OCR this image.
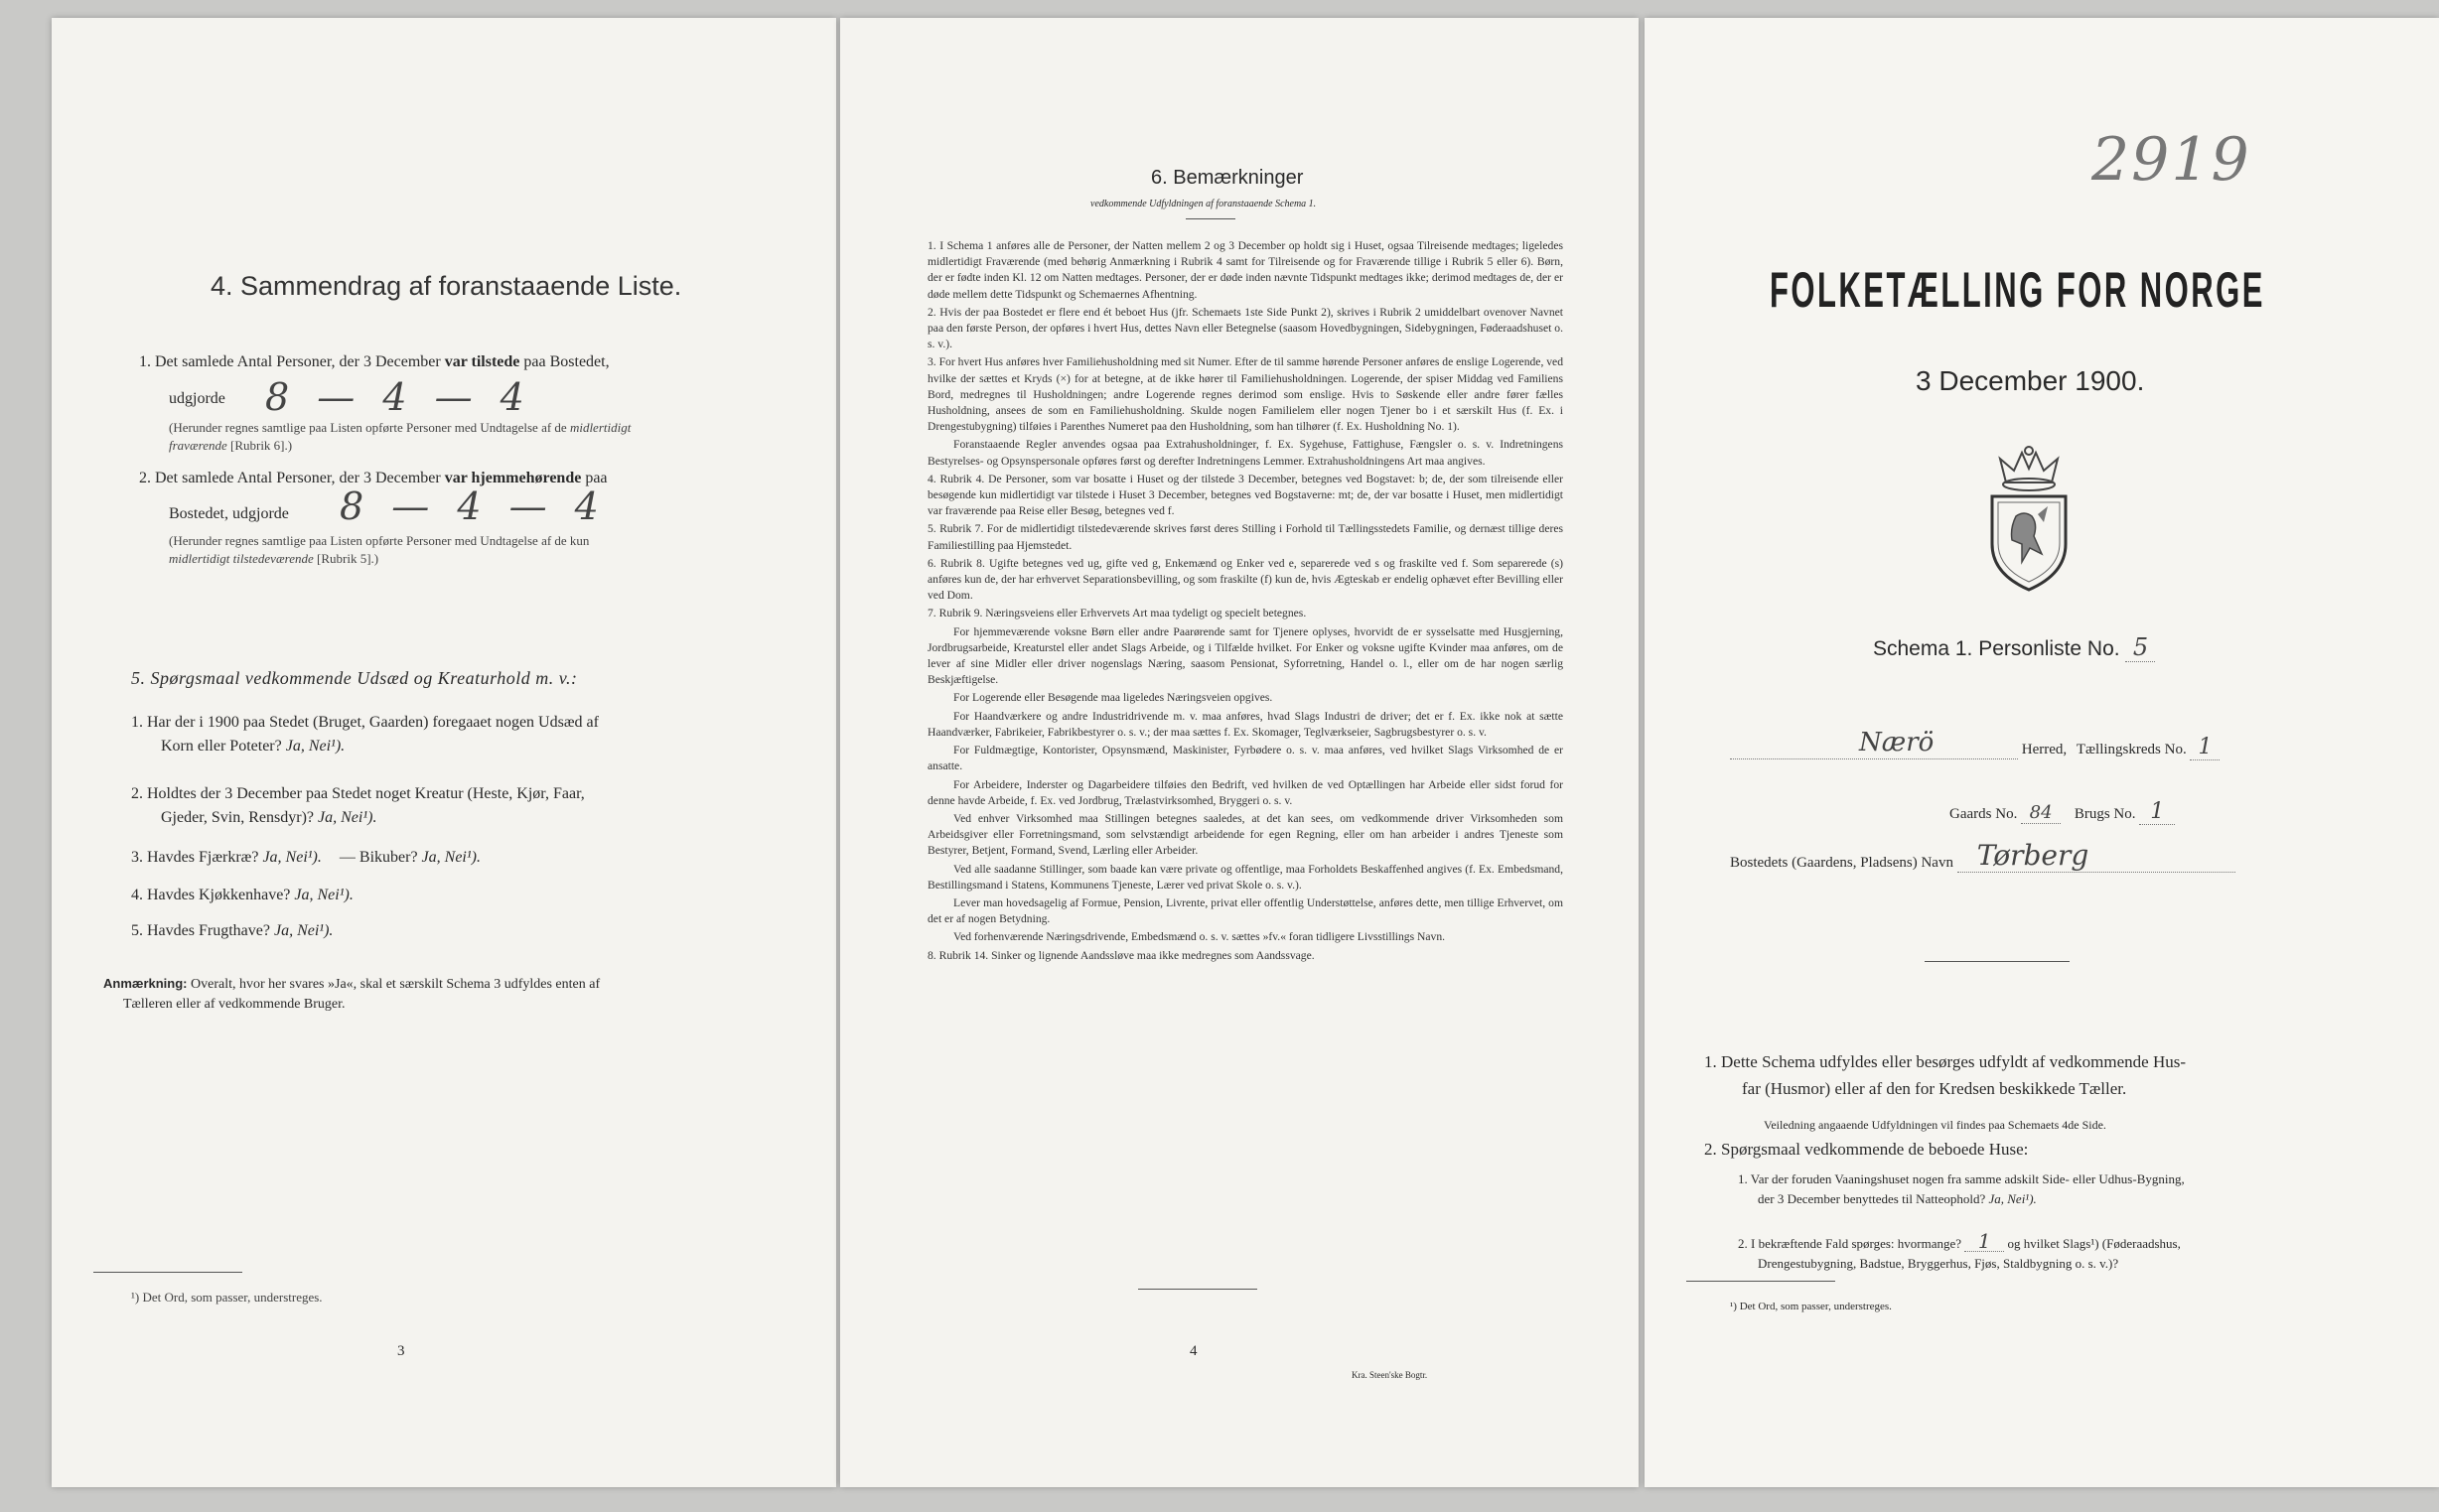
4. Sammendrag af foranstaaende Liste.
1. Det samlede Antal Personer, der 3 December var tilstede paa Bostedet,
udgjorde 8 — 4 — 4
(Herunder regnes samtlige paa Listen opførte Personer med Undtagelse af de midlertidigt
fraværende [Rubrik 6].)
2. Det samlede Antal Personer, der 3 December var hjemmehørende paa
Bostedet, udgjorde 8 — 4 — 4
(Herunder regnes samtlige paa Listen opførte Personer med Undtagelse af de kun
midlertidigt tilstedeværende [Rubrik 5].)
5. Spørgsmaal vedkommende Udsæd og Kreaturhold m. v.:
1. Har der i 1900 paa Stedet (Bruget, Gaarden) foregaaet nogen Udsæd af
Korn eller Poteter? Ja, Nei¹).
2. Holdtes der 3 December paa Stedet noget Kreatur (Heste, Kjør, Faar,
Gjeder, Svin, Rensdyr)? Ja, Nei¹).
3. Havdes Fjærkræ? Ja, Nei¹). — Bikuber? Ja, Nei¹).
4. Havdes Kjøkkenhave? Ja, Nei¹).
5. Havdes Frugthave? Ja, Nei¹).
Anmærkning: Overalt, hvor her svares »Ja«, skal et særskilt Schema 3 udfyldes enten af
Tælleren eller af vedkommende Bruger.
¹) Det Ord, som passer, understreges.
3
6. Bemærkninger
vedkommende Udfyldningen af foranstaaende Schema 1.

1. I Schema 1 anføres alle de Personer, der Natten mellem 2 og 3 December op holdt sig i Huset, ogsaa Tilreisende medtages; ligeledes midlertidigt Fraværende (med behørig Anmærkning i Rubrik 4 samt for Tilreisende og for Fraværende tillige i Rubrik 5 eller 6). Børn, der er fødte inden Kl. 12 om Natten medtages. Personer, der er døde inden nævnte Tidspunkt medtages ikke; derimod medtages de, der er døde mellem dette Tidspunkt og Schemaernes Afhentning.

2. Hvis der paa Bostedet er flere end ét beboet Hus (jfr. Schemaets 1ste Side Punkt 2), skrives i Rubrik 2 umiddelbart ovenover Navnet paa den første Person, der opføres i hvert Hus, dettes Navn eller Betegnelse (saasom Hovedbygningen, Sidebygningen, Føderaadshuset o. s. v.).

3. For hvert Hus anføres hver Familiehusholdning med sit Numer. Efter de til samme hørende Personer anføres de enslige Logerende, ved hvilke der sættes et Kryds (×) for at betegne, at de ikke hører til Familiehusholdningen. Logerende, der spiser Middag ved Familiens Bord, medregnes til Husholdningen; andre Logerende regnes derimod som enslige. Hvis to Søskende eller andre fører fælles Husholdning, ansees de som en Familiehusholdning. Skulde nogen Familielem eller nogen Tjener bo i et særskilt Hus (f. Ex. i Drengestubygning) tilføies i Parenthes Numeret paa den Husholdning, som han tilhører (f. Ex. Husholdning No. 1).

Foranstaaende Regler anvendes ogsaa paa Extrahusholdninger, f. Ex. Sygehuse, Fattighuse, Fængsler o. s. v. Indretningens Bestyrelses- og Opsynspersonale opføres først og derefter Indretningens Lemmer. Extrahusholdningens Art maa angives.

4. Rubrik 4. De Personer, som var bosatte i Huset og der tilstede 3 December, betegnes ved Bogstavet: b; de, der som tilreisende eller besøgende kun midlertidigt var tilstede i Huset 3 December, betegnes ved Bogstaverne: mt; de, der var bosatte i Huset, men midlertidigt var fraværende paa Reise eller Besøg, betegnes ved f.

5. Rubrik 7. For de midlertidigt tilstedeværende skrives først deres Stilling i Forhold til Tællingsstedets Familie, og dernæst tillige deres Familiestilling paa Hjemstedet.

6. Rubrik 8. Ugifte betegnes ved ug, gifte ved g, Enkemænd og Enker ved e, separerede ved s og fraskilte ved f. Som separerede (s) anføres kun de, der har erhvervet Separationsbevilling, og som fraskilte (f) kun de, hvis Ægteskab er endelig ophævet efter Bevilling eller ved Dom.

7. Rubrik 9. Næringsveiens eller Erhvervets Art maa tydeligt og specielt betegnes.

For hjemmeværende voksne Børn eller andre Paarørende samt for Tjenere oplyses, hvorvidt de er sysselsatte med Husgjerning, Jordbrugsarbeide, Kreaturstel eller andet Slags Arbeide, og i Tilfælde hvilket. For Enker og voksne ugifte Kvinder maa anføres, om de lever af sine Midler eller driver nogenslags Næring, saasom Pensionat, Syforretning, Handel o. l., eller om de har nogen særlig Beskjæftigelse.

For Logerende eller Besøgende maa ligeledes Næringsveien opgives.

For Haandværkere og andre Industridrivende m. v. maa anføres, hvad Slags Industri de driver; det er f. Ex. ikke nok at sætte Haandværker, Fabrikeier, Fabrikbestyrer o. s. v.; der maa sættes f. Ex. Skomager, Teglværkseier, Sagbrugsbestyrer o. s. v.

For Fuldmægtige, Kontorister, Opsynsmænd, Maskinister, Fyrbødere o. s. v. maa anføres, ved hvilket Slags Virksomhed de er ansatte.

For Arbeidere, Inderster og Dagarbeidere tilføies den Bedrift, ved hvilken de ved Optællingen har Arbeide eller sidst forud for denne havde Arbeide, f. Ex. ved Jordbrug, Trælastvirksomhed, Bryggeri o. s. v.

Ved enhver Virksomhed maa Stillingen betegnes saaledes, at det kan sees, om vedkommende driver Virksomheden som Arbeidsgiver eller Forretningsmand, som selvstændigt arbeidende for egen Regning, eller om han arbeider i andres Tjeneste som Bestyrer, Betjent, Formand, Svend, Lærling eller Arbeider.

Ved alle saadanne Stillinger, som baade kan være private og offentlige, maa Forholdets Beskaffenhed angives (f. Ex. Embedsmand, Bestillingsmand i Statens, Kommunens Tjeneste, Lærer ved privat Skole o. s. v.).

Lever man hovedsagelig af Formue, Pension, Livrente, privat eller offentlig Understøttelse, anføres dette, men tillige Erhvervet, om det er af nogen Betydning.

Ved forhenværende Næringsdrivende, Embedsmænd o. s. v. sættes »fv.« foran tidligere Livsstillings Navn.

8. Rubrik 14. Sinker og lignende Aandssløve maa ikke medregnes som Aandssvage.

4
Kra. Steen'ske Bogtr.
2919
FOLKETÆLLING FOR NORGE
3 December 1900.
Schema 1. Personliste No. 5
Nærö	Herred, Tællingskreds No. 1
Gaards No. 84 Brugs No. 1
Bostedets (Gaardens, Pladsens) Navn Tørberg

1. Dette Schema udfyldes eller besørges udfyldt af vedkommende Hus-
far (Husmor) eller af den for Kredsen beskikkede Tæller.
Veiledning angaaende Udfyldningen vil findes paa Schemaets 4de Side.
2. Spørgsmaal vedkommende de beboede Huse:
1. Var der foruden Vaaningshuset nogen fra samme adskilt Side- eller Udhus-Bygning,
der 3 December benyttedes til Natteophold? Ja, Nei¹).
2. I bekræftende Fald spørges: hvormange? 1 og hvilket Slags¹) (Føderaadshus,
Drengestubygning, Badstue, Bryggerhus, Fjøs, Staldbygning o. s. v.)?
¹) Det Ord, som passer, understreges.
